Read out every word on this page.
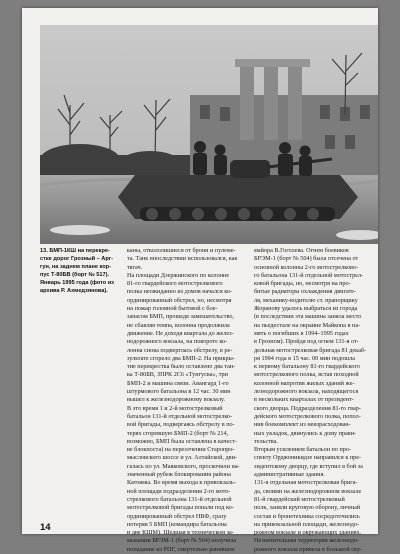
13. БМП-1КШ на перекре-
стке дорог Грозный – Арг-
гун, на заднем плане кор-
пус Т-80БВ (борт № 517).
Январь 1995 года (фото из
архива Р. Ахмедзянова).
каны, откололишиеся от брони и пулеме-
та. Танк впоследствии использовался, как
тягач.
На площади Дзержинского по колонне
81-го гвардейского мотострелкового
полка неожиданно из домов начался ко-
ординированный обстрел, но, несмотря
на пожар головной бытовой с бое-
запасом БМП, прошедя замешательство,
не сбавляя темпа, колонна продолжила
движение. Не доходя квартала до желез-
нодорожного вокзала, на повороте ко-
лонна снова подверглась обстрелу, в ре-
зультате сгорело два БМП-2. На прикры-
тие перекрестка было оставлено два тан-
ка Т-80БВ, ЗПРК 2С6 «Тунгуска», три
БМП-2 и машина связи. Авангард 1-го
штурмового батальона в 12 час. 30 мин
вышел к железнодорожному вокзалу.
В это время 1 и 2-й мотострелковый
батальон 131-й отдельной мотострелко-
вой бригады, подвергаясь обстрелу в по-
терях сгоревшую БМП-2 (борт № 214,
возможно, БМП была оставлена в качест-
ве блокпоста) на пересечении Старопро-
мысловского шоссе и ул. Алтайской, дви-
галась по ул. Маяковского, проскочили на-
значенный рубеж блокирования района
Катоямы. Во время выхода к привокзаль-
ной площади подразделения 2-го мото-
стрелкового батальона 131-й отдельной
мотострелковой бригады попали под ко-
ординированный обстрел НВФ, сразу
потеряв 5 БМП (командира батальона
и две КШМ). Шедшая в техническом за-
мыкании БРЭМ-1 (борт № 504) получила
попадание из РПГ, смертельно ранившее
майора В.Гоголева. Огнем боевиков
БРЭМ-1 (борт № 504) была отсечена от
основной колонны 2-го мотострелково-
го батальона 131-й отдельной мотострел-
ковой бригады, но, несмотря на про-
битые радиаторы охлаждения двигате-
ля, механику-водителю ст. прапорщику
Жоранову удалось выбраться из города
(в последствии эта машина заняла место
на пьедестале на окраине Майкопа в па-
мять о погибших в 1994–1995 годах
в Грозном). Пройдя под огнем 131-я от-
дельная мотострелковая бригада 81 декаб-
ря 1994 года в 15 час. 00 мин подошла
к первому батальону 81-го гвардейского
мотострелкового полка, встав походной
колонной напротив жилых зданий же-
лезнодорожного вокзала, находящегося
в нескольких кварталах от президент-
ского дворца. Подразделения 81-го гвар-
дейского мотострелкового полка, попол-
нив боекомплект из неизрасходован-
ных укладок, двинулись к дому прави-
тельства.
Вторым усилением батальон по про-
спекту Орджоникидзе направился к пре-
зидентскому дворцу, где вступил в бой за
административные здания.
131-я отдельная мотострелковая брига-
да, своими на железнодорожном вокзале
81-й гвардейский мотострелковый
полк, заняли круговую оборону, личный
состав и бронетехника сосредоточились
на привокзальной площади, железнодо-
рожном вокзале и окружающих зданиях.
Незначительная территория железнодо-
рожного вокзала привела в большой ску-
14
